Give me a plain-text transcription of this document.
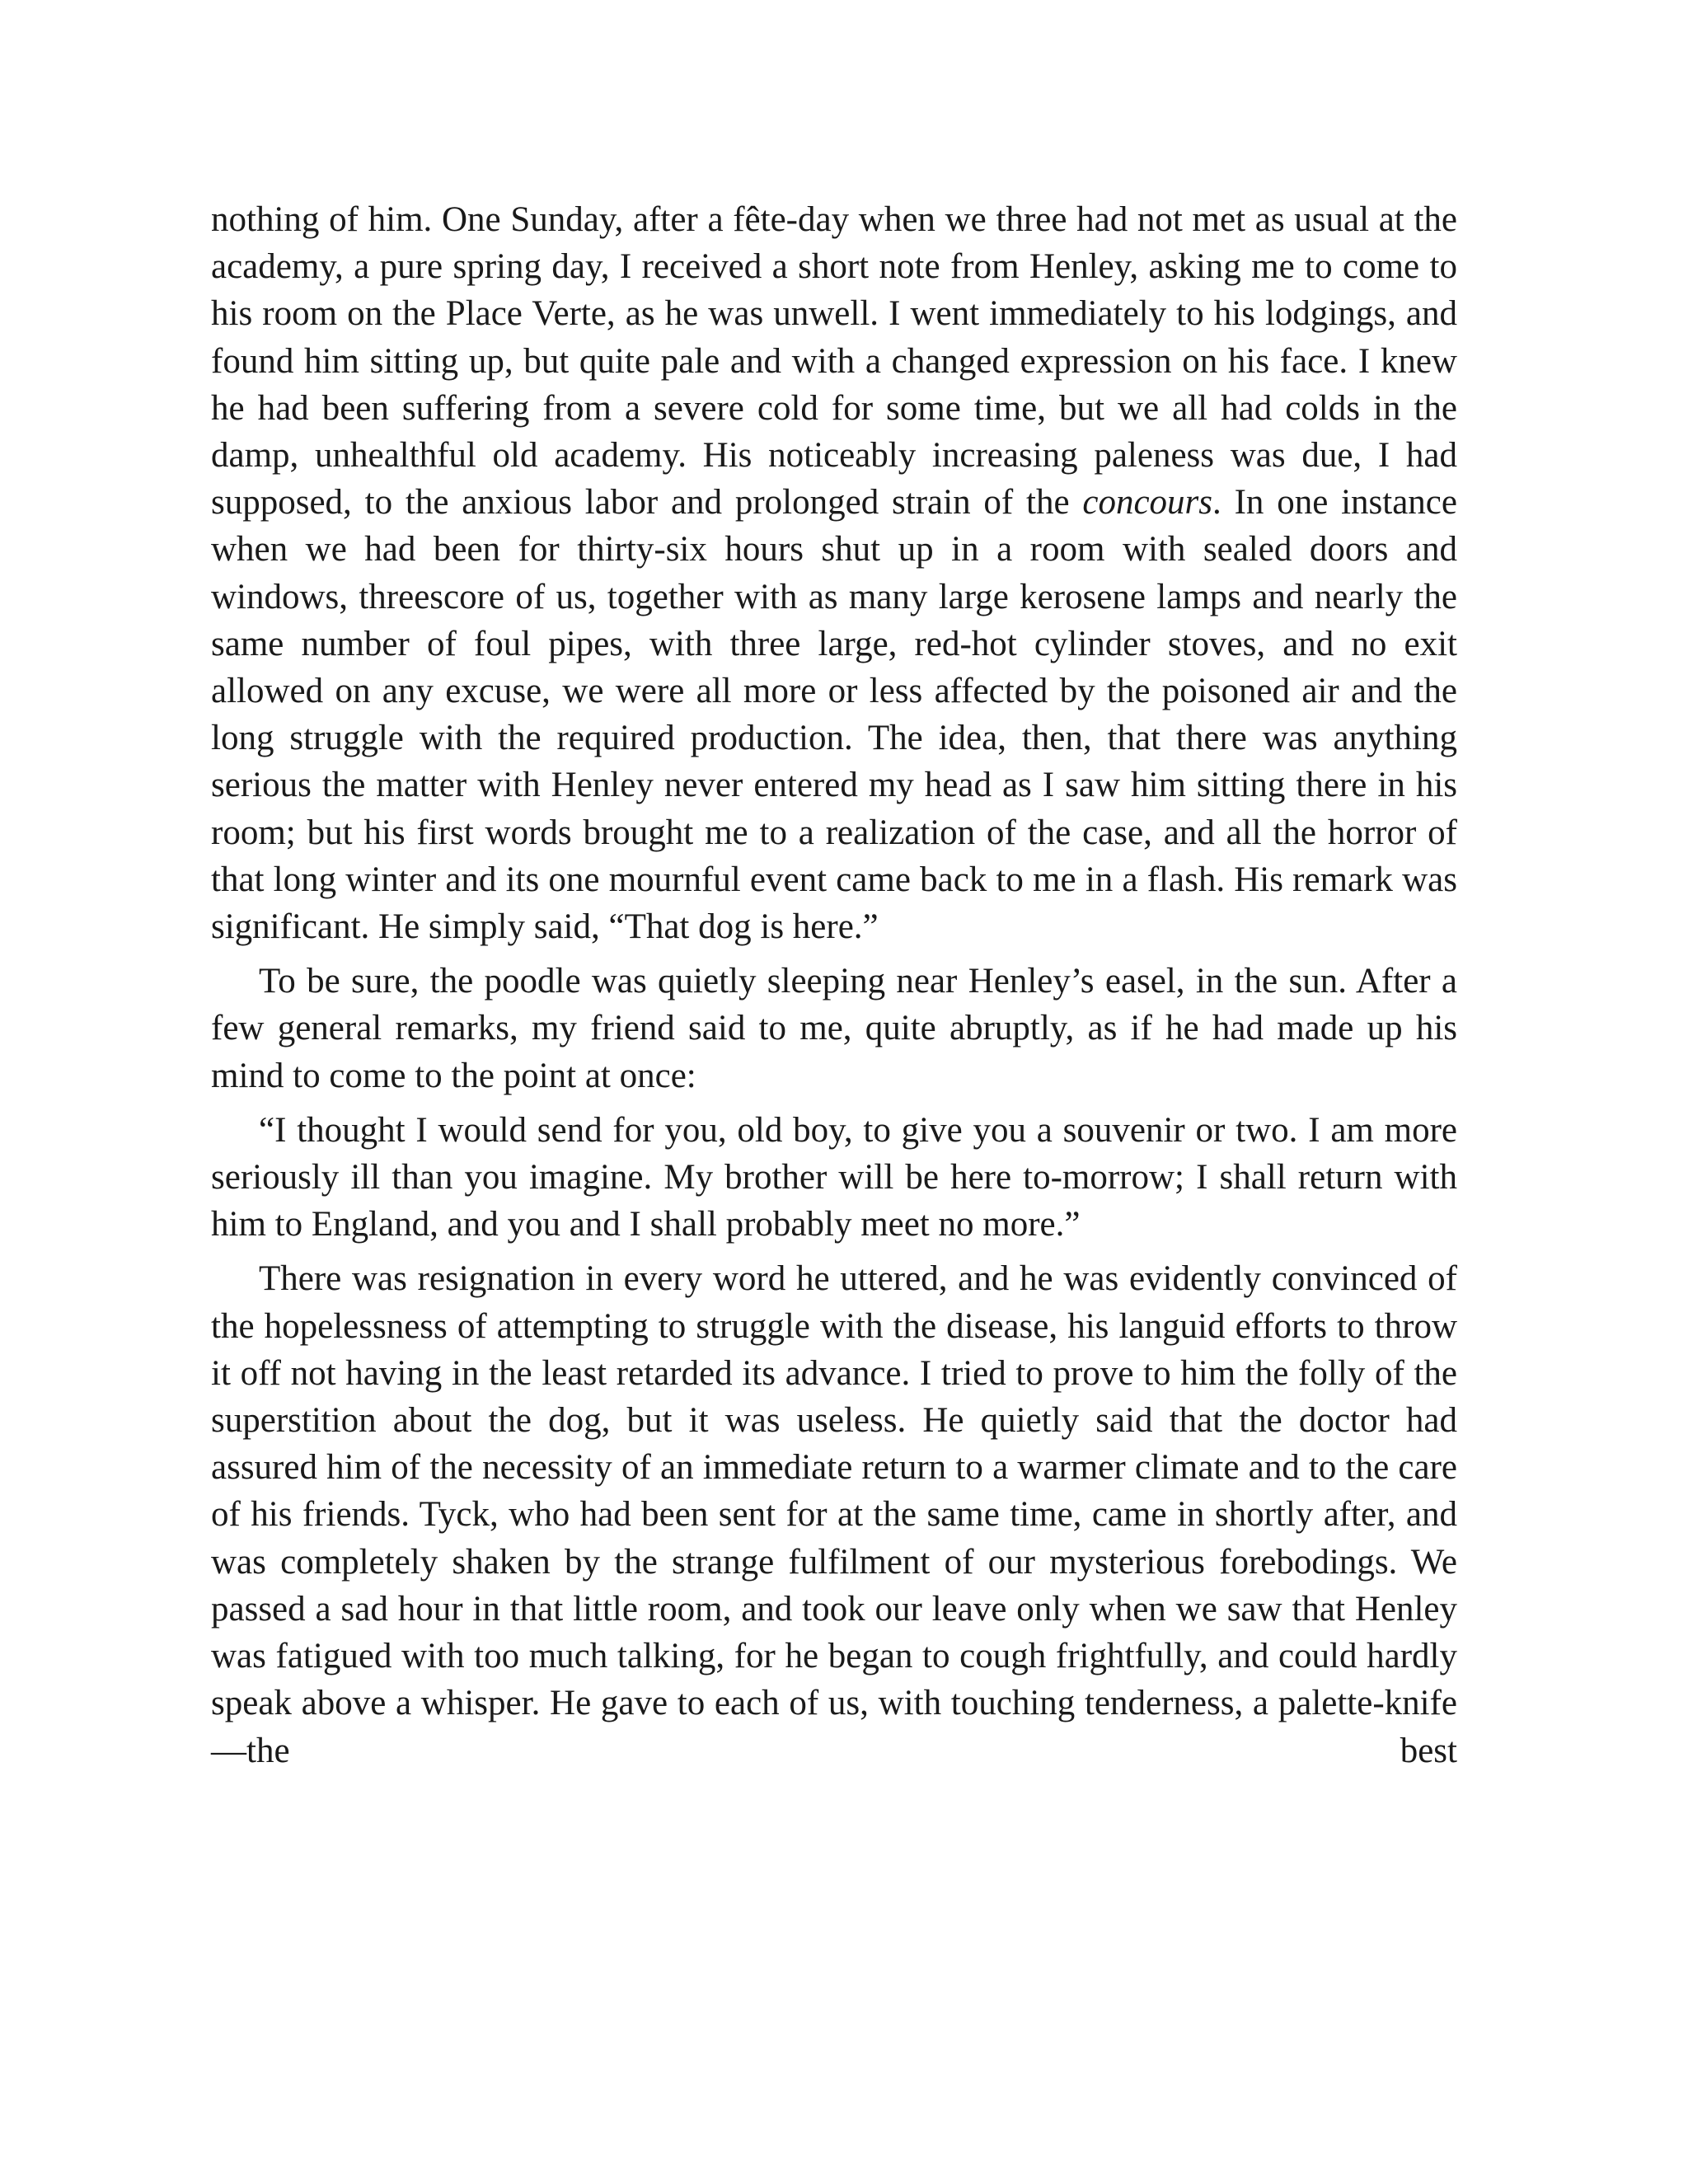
nothing of him. One Sunday, after a fête-day when we three had not met as usual at the academy, a pure spring day, I received a short note from Henley, asking me to come to his room on the Place Verte, as he was unwell. I went immediately to his lodgings, and found him sitting up, but quite pale and with a changed expression on his face. I knew he had been suffering from a severe cold for some time, but we all had colds in the damp, unhealthful old academy. His noticeably increasing paleness was due, I had supposed, to the anxious labor and prolonged strain of the concours. In one instance when we had been for thirty-six hours shut up in a room with sealed doors and windows, threescore of us, together with as many large kerosene lamps and nearly the same number of foul pipes, with three large, red-hot cylinder stoves, and no exit allowed on any excuse, we were all more or less affected by the poisoned air and the long struggle with the required production. The idea, then, that there was anything serious the matter with Henley never entered my head as I saw him sitting there in his room; but his first words brought me to a realization of the case, and all the horror of that long winter and its one mournful event came back to me in a flash. His remark was significant. He simply said, “That dog is here.”

To be sure, the poodle was quietly sleeping near Henley’s easel, in the sun. After a few general remarks, my friend said to me, quite abruptly, as if he had made up his mind to come to the point at once:

“I thought I would send for you, old boy, to give you a souvenir or two. I am more seriously ill than you imagine. My brother will be here to-morrow; I shall return with him to England, and you and I shall probably meet no more.”

There was resignation in every word he uttered, and he was evidently convinced of the hopelessness of attempting to struggle with the disease, his languid efforts to throw it off not having in the least retarded its advance. I tried to prove to him the folly of the superstition about the dog, but it was useless. He quietly said that the doctor had assured him of the necessity of an immediate return to a warmer climate and to the care of his friends. Tyck, who had been sent for at the same time, came in shortly after, and was completely shaken by the strange fulfilment of our mysterious forebodings. We passed a sad hour in that little room, and took our leave only when we saw that Henley was fatigued with too much talking, for he began to cough frightfully, and could hardly speak above a whisper. He gave to each of us, with touching tenderness, a palette-knife—the best
